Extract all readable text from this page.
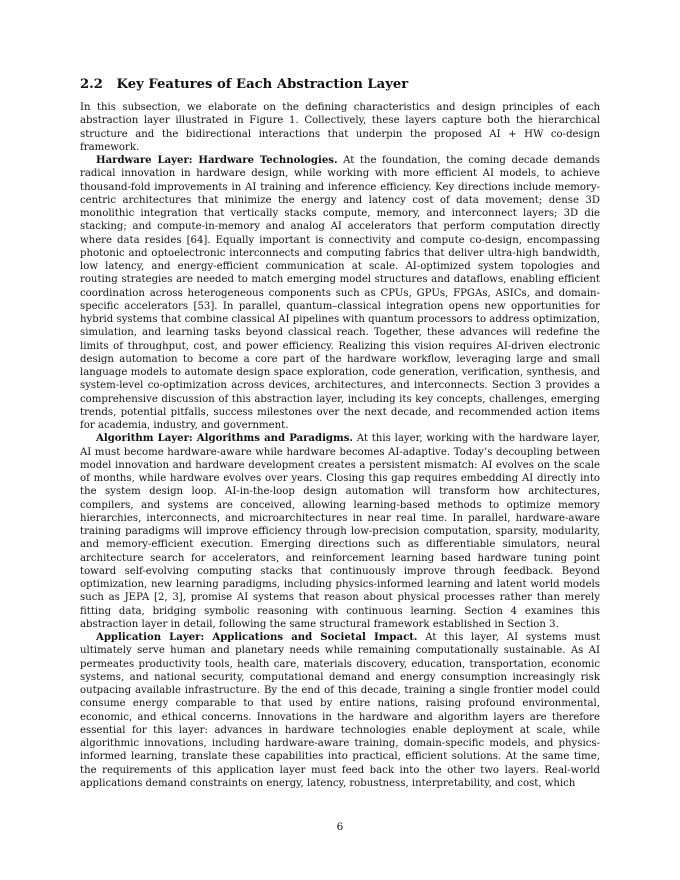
2.2 Key Features of Each Abstraction Layer

In this subsection, we elaborate on the defining characteristics and design principles of each abstraction layer illustrated in Figure 1. Collectively, these layers capture both the hierarchical structure and the bidirectional interactions that underpin the proposed AI + HW co-design framework.

Hardware Layer: Hardware Technologies. At the foundation, the coming decade demands radical innovation in hardware design, while working with more efficient AI models, to achieve thousand-fold improvements in AI training and inference efficiency. Key directions include memory-centric architectures that minimize the energy and latency cost of data movement; dense 3D monolithic integration that vertically stacks compute, memory, and interconnect layers; 3D die stacking; and compute-in-memory and analog AI accelerators that perform computation directly where data resides [64]. Equally important is connectivity and compute co-design, encompassing photonic and optoelectronic interconnects and computing fabrics that deliver ultra-high bandwidth, low latency, and energy-efficient communication at scale. AI-optimized system topologies and routing strategies are needed to match emerging model structures and dataflows, enabling efficient coordination across heterogeneous components such as CPUs, GPUs, FPGAs, ASICs, and domain-specific accelerators [53]. In parallel, quantum–classical integration opens new opportunities for hybrid systems that combine classical AI pipelines with quantum processors to address optimization, simulation, and learning tasks beyond classical reach. Together, these advances will redefine the limits of throughput, cost, and power efficiency. Realizing this vision requires AI-driven electronic design automation to become a core part of the hardware workflow, leveraging large and small language models to automate design space exploration, code generation, verification, synthesis, and system-level co-optimization across devices, architectures, and interconnects. Section 3 provides a comprehensive discussion of this abstraction layer, including its key concepts, challenges, emerging trends, potential pitfalls, success milestones over the next decade, and recommended action items for academia, industry, and government.

Algorithm Layer: Algorithms and Paradigms. At this layer, working with the hardware layer, AI must become hardware-aware while hardware becomes AI-adaptive. Today’s decoupling between model innovation and hardware development creates a persistent mismatch: AI evolves on the scale of months, while hardware evolves over years. Closing this gap requires embedding AI directly into the system design loop. AI-in-the-loop design automation will transform how architectures, compilers, and systems are conceived, allowing learning-based methods to optimize memory hierarchies, interconnects, and microarchitectures in near real time. In parallel, hardware-aware training paradigms will improve efficiency through low-precision computation, sparsity, modularity, and memory-efficient execution. Emerging directions such as differentiable simulators, neural architecture search for accelerators, and reinforcement learning based hardware tuning point toward self-evolving computing stacks that continuously improve through feedback. Beyond optimization, new learning paradigms, including physics-informed learning and latent world models such as JEPA [2, 3], promise AI systems that reason about physical processes rather than merely fitting data, bridging symbolic reasoning with continuous learning. Section 4 examines this abstraction layer in detail, following the same structural framework established in Section 3.

Application Layer: Applications and Societal Impact. At this layer, AI systems must ultimately serve human and planetary needs while remaining computationally sustainable. As AI permeates productivity tools, health care, materials discovery, education, transportation, economic systems, and national security, computational demand and energy consumption increasingly risk outpacing available infrastructure. By the end of this decade, training a single frontier model could consume energy comparable to that used by entire nations, raising profound environmental, economic, and ethical concerns. Innovations in the hardware and algorithm layers are therefore essential for this layer: advances in hardware technologies enable deployment at scale, while algorithmic innovations, including hardware-aware training, domain-specific models, and physics-informed learning, translate these capabilities into practical, efficient solutions. At the same time, the requirements of this application layer must feed back into the other two layers. Real-world applications demand constraints on energy, latency, robustness, interpretability, and cost, which

6
